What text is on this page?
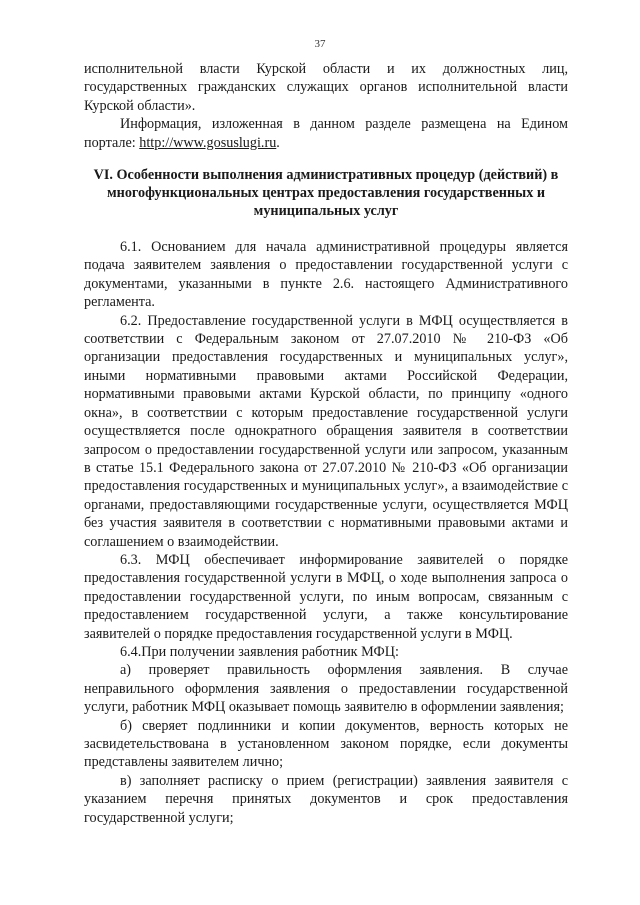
37

исполнительной власти Курской области и их должностных лиц, государственных гражданских служащих органов исполнительной власти Курской области».

Информация, изложенная в данном разделе размещена на Едином портале: http://www.gosuslugi.ru.

VI. Особенности выполнения административных процедур (действий) в многофункциональных центрах предоставления государственных и муниципальных услуг

6.1. Основанием для начала административной процедуры является подача заявителем заявления о предоставлении государственной услуги с документами, указанными в пункте 2.6. настоящего Административного регламента.

6.2. Предоставление государственной услуги в МФЦ осуществляется в соответствии с Федеральным законом от 27.07.2010 № 210-ФЗ «Об организации предоставления государственных и муниципальных услуг», иными нормативными правовыми актами Российской Федерации, нормативными правовыми актами Курской области, по принципу «одного окна», в соответствии с которым предоставление государственной услуги осуществляется после однократного обращения заявителя в соответствии запросом о предоставлении государственной услуги или запросом, указанным в статье 15.1 Федерального закона от 27.07.2010 № 210-ФЗ «Об организации предоставления государственных и муниципальных услуг», а взаимодействие с органами, предоставляющими государственные услуги, осуществляется МФЦ без участия заявителя в соответствии с нормативными правовыми актами и соглашением о взаимодействии.

6.3. МФЦ обеспечивает информирование заявителей о порядке предоставления государственной услуги в МФЦ, о ходе выполнения запроса о предоставлении государственной услуги, по иным вопросам, связанным с предоставлением государственной услуги, а также консультирование заявителей о порядке предоставления государственной услуги в МФЦ.

6.4.При получении заявления работник МФЦ:

а) проверяет правильность оформления заявления. В случае неправильного оформления заявления о предоставлении государственной услуги, работник МФЦ оказывает помощь заявителю в оформлении заявления;

б) сверяет подлинники и копии документов, верность которых не засвидетельствована в установленном законом порядке, если документы представлены заявителем лично;

в) заполняет расписку о прием (регистрации) заявления заявителя с указанием перечня принятых документов и срок предоставления государственной услуги;
